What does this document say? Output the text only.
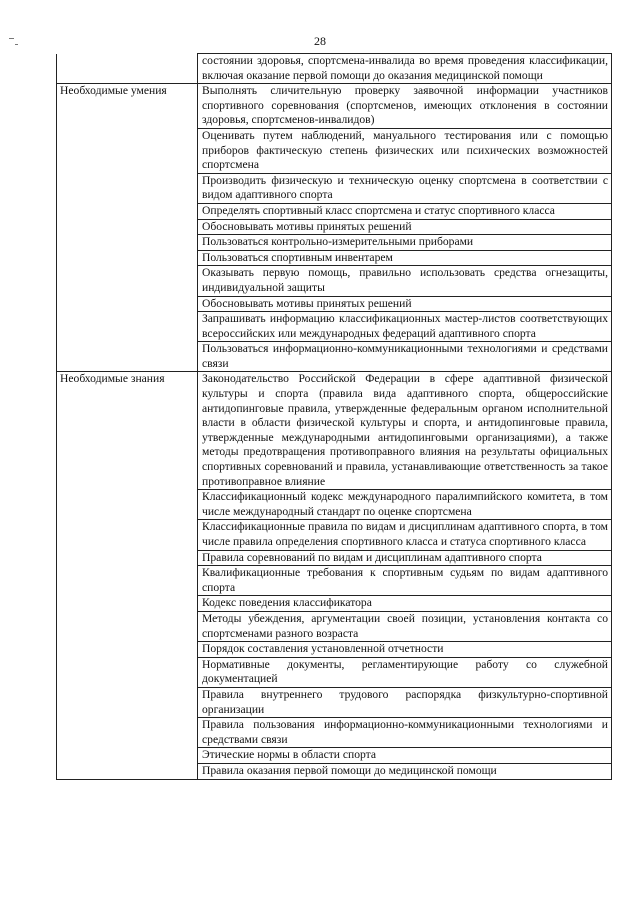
28
	состоянии здоровья, спортсмена-инвалида во время проведения классификации, включая оказание первой помощи до оказания медицинской помощи
Необходимые умения	Выполнять сличительную проверку заявочной информации участников спортивного соревнования (спортсменов, имеющих отклонения в состоянии здоровья, спортсменов-инвалидов)
	Оценивать путем наблюдений, мануального тестирования или с помощью приборов фактическую степень физических или психических возможностей спортсмена
	Производить физическую и техническую оценку спортсмена в соответствии с видом адаптивного спорта
	Определять спортивный класс спортсмена и статус спортивного класса
	Обосновывать мотивы принятых решений
	Пользоваться контрольно-измерительными приборами
	Пользоваться спортивным инвентарем
	Оказывать первую помощь, правильно использовать средства огнезащиты, индивидуальной защиты
	Обосновывать мотивы принятых решений
	Запрашивать информацию классификационных мастер-листов соответствующих всероссийских или международных федераций адаптивного спорта
	Пользоваться информационно-коммуникационными технологиями и средствами связи
Необходимые знания	Законодательство Российской Федерации в сфере адаптивной физической культуры и спорта (правила вида адаптивного спорта, общероссийские антидопинговые правила, утвержденные федеральным органом исполнительной власти в области физической культуры и спорта, и антидопинговые правила, утвержденные международными антидопинговыми организациями), а также методы предотвращения противоправного влияния на результаты официальных спортивных соревнований и правила, устанавливающие ответственность за такое противоправное влияние
	Классификационный кодекс международного паралимпийского комитета, в том числе международный стандарт по оценке спортсмена
	Классификационные правила по видам и дисциплинам адаптивного спорта, в том числе правила определения спортивного класса и статуса спортивного класса
	Правила соревнований по видам и дисциплинам адаптивного спорта
	Квалификационные требования к спортивным судьям по видам адаптивного спорта
	Кодекс поведения классификатора
	Методы убеждения, аргументации своей позиции, установления контакта со спортсменами разного возраста
	Порядок составления установленной отчетности
	Нормативные документы, регламентирующие работу со служебной документацией
	Правила внутреннего трудового распорядка физкультурно-спортивной организации
	Правила пользования информационно-коммуникационными технологиями и средствами связи
	Этические нормы в области спорта
	Правила оказания первой помощи до медицинской помощи
